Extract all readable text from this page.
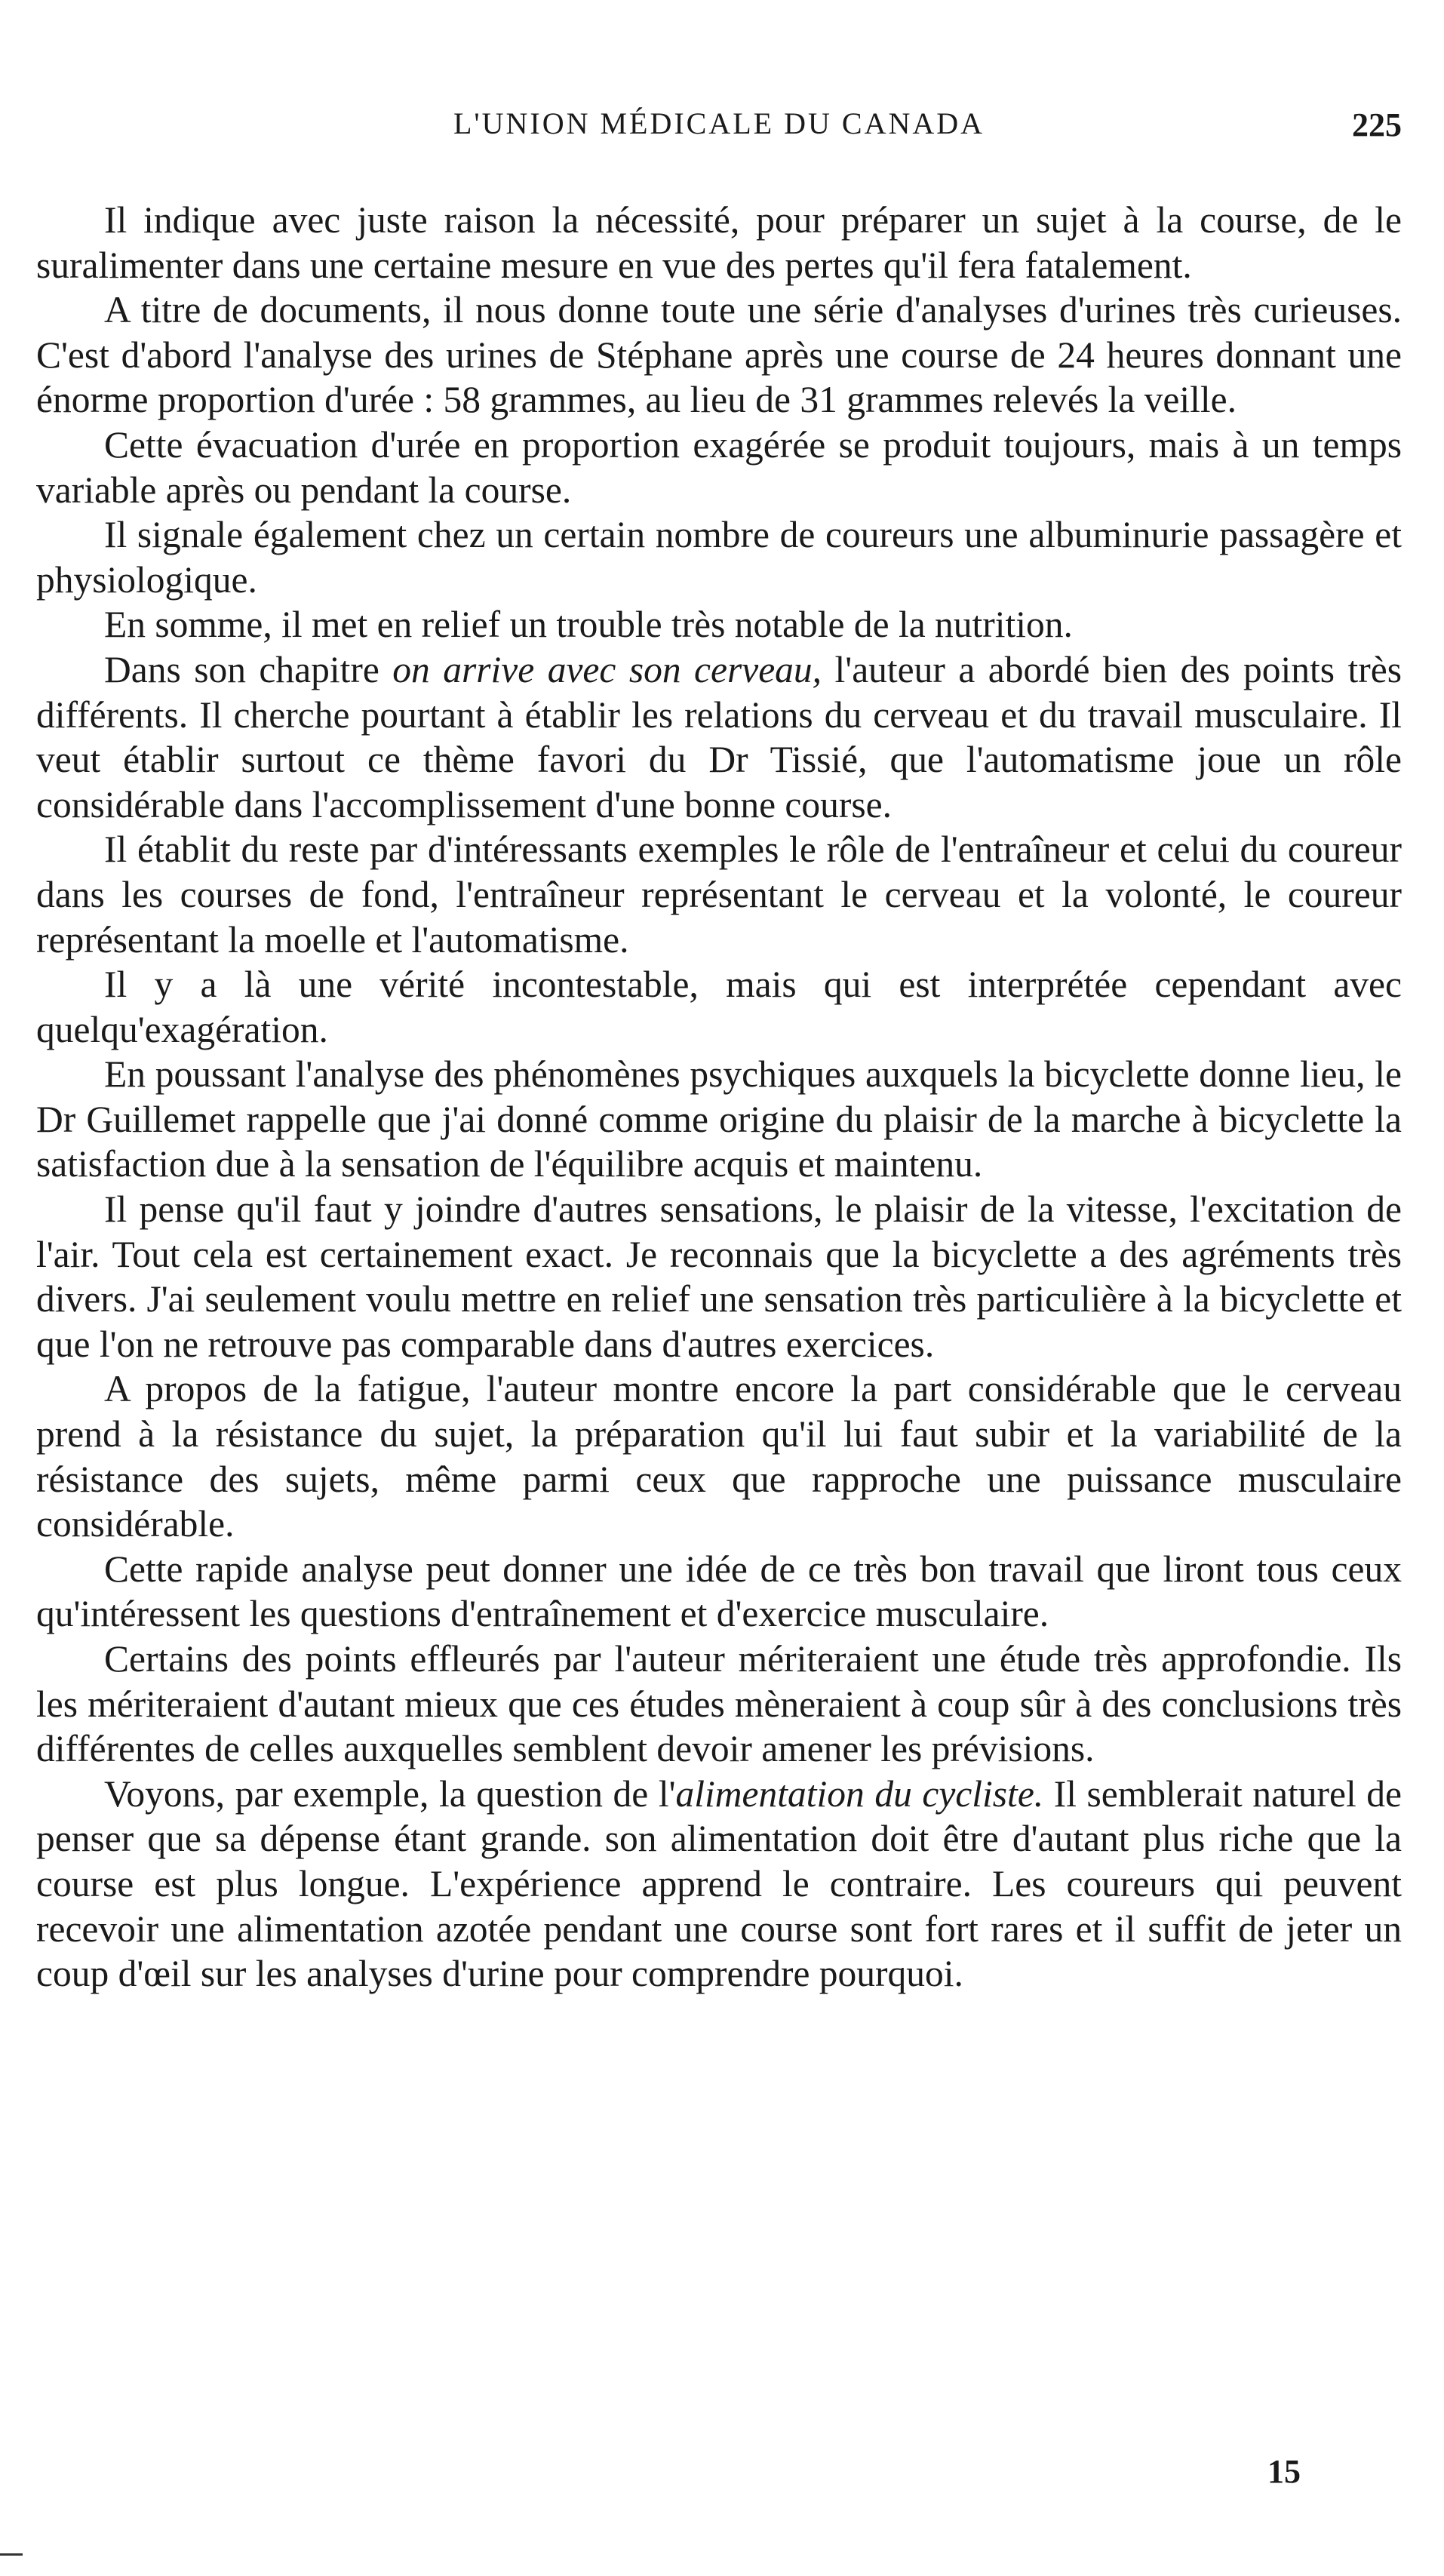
L'UNION MÉDICALE DU CANADA	225

Il indique avec juste raison la nécessité, pour préparer un sujet à la course, de le suralimenter dans une certaine mesure en vue des pertes qu'il fera fatalement.

A titre de documents, il nous donne toute une série d'analyses d'urines très curieuses. C'est d'abord l'analyse des urines de Stéphane après une course de 24 heures donnant une énorme proportion d'urée : 58 grammes, au lieu de 31 grammes relevés la veille.

Cette évacuation d'urée en proportion exagérée se produit toujours, mais à un temps variable après ou pendant la course.

Il signale également chez un certain nombre de coureurs une albuminurie passagère et physiologique.

En somme, il met en relief un trouble très notable de la nutrition.

Dans son chapitre on arrive avec son cerveau, l'auteur a abordé bien des points très différents. Il cherche pourtant à établir les relations du cerveau et du travail musculaire. Il veut établir surtout ce thème favori du Dr Tissié, que l'automatisme joue un rôle considérable dans l'accomplissement d'une bonne course.

Il établit du reste par d'intéressants exemples le rôle de l'entraîneur et celui du coureur dans les courses de fond, l'entraîneur représentant le cerveau et la volonté, le coureur représentant la moelle et l'automatisme.

Il y a là une vérité incontestable, mais qui est interprétée cependant avec quelqu'exagération.

En poussant l'analyse des phénomènes psychiques auxquels la bicyclette donne lieu, le Dr Guillemet rappelle que j'ai donné comme origine du plaisir de la marche à bicyclette la satisfaction due à la sensation de l'équilibre acquis et maintenu.

Il pense qu'il faut y joindre d'autres sensations, le plaisir de la vitesse, l'excitation de l'air. Tout cela est certainement exact. Je reconnais que la bicyclette a des agréments très divers. J'ai seulement voulu mettre en relief une sensation très particulière à la bicyclette et que l'on ne retrouve pas comparable dans d'autres exercices.

A propos de la fatigue, l'auteur montre encore la part considérable que le cerveau prend à la résistance du sujet, la préparation qu'il lui faut subir et la variabilité de la résistance des sujets, même parmi ceux que rapproche une puissance musculaire considérable.

Cette rapide analyse peut donner une idée de ce très bon travail que liront tous ceux qu'intéressent les questions d'entraînement et d'exercice musculaire.

Certains des points effleurés par l'auteur mériteraient une étude très approfondie. Ils les mériteraient d'autant mieux que ces études mèneraient à coup sûr à des conclusions très différentes de celles auxquelles semblent devoir amener les prévisions.

Voyons, par exemple, la question de l'alimentation du cycliste. Il semblerait naturel de penser que sa dépense étant grande. son alimentation doit être d'autant plus riche que la course est plus longue. L'expérience apprend le contraire. Les coureurs qui peuvent recevoir une alimentation azotée pendant une course sont fort rares et il suffit de jeter un coup d'œil sur les analyses d'urine pour comprendre pourquoi.

15
